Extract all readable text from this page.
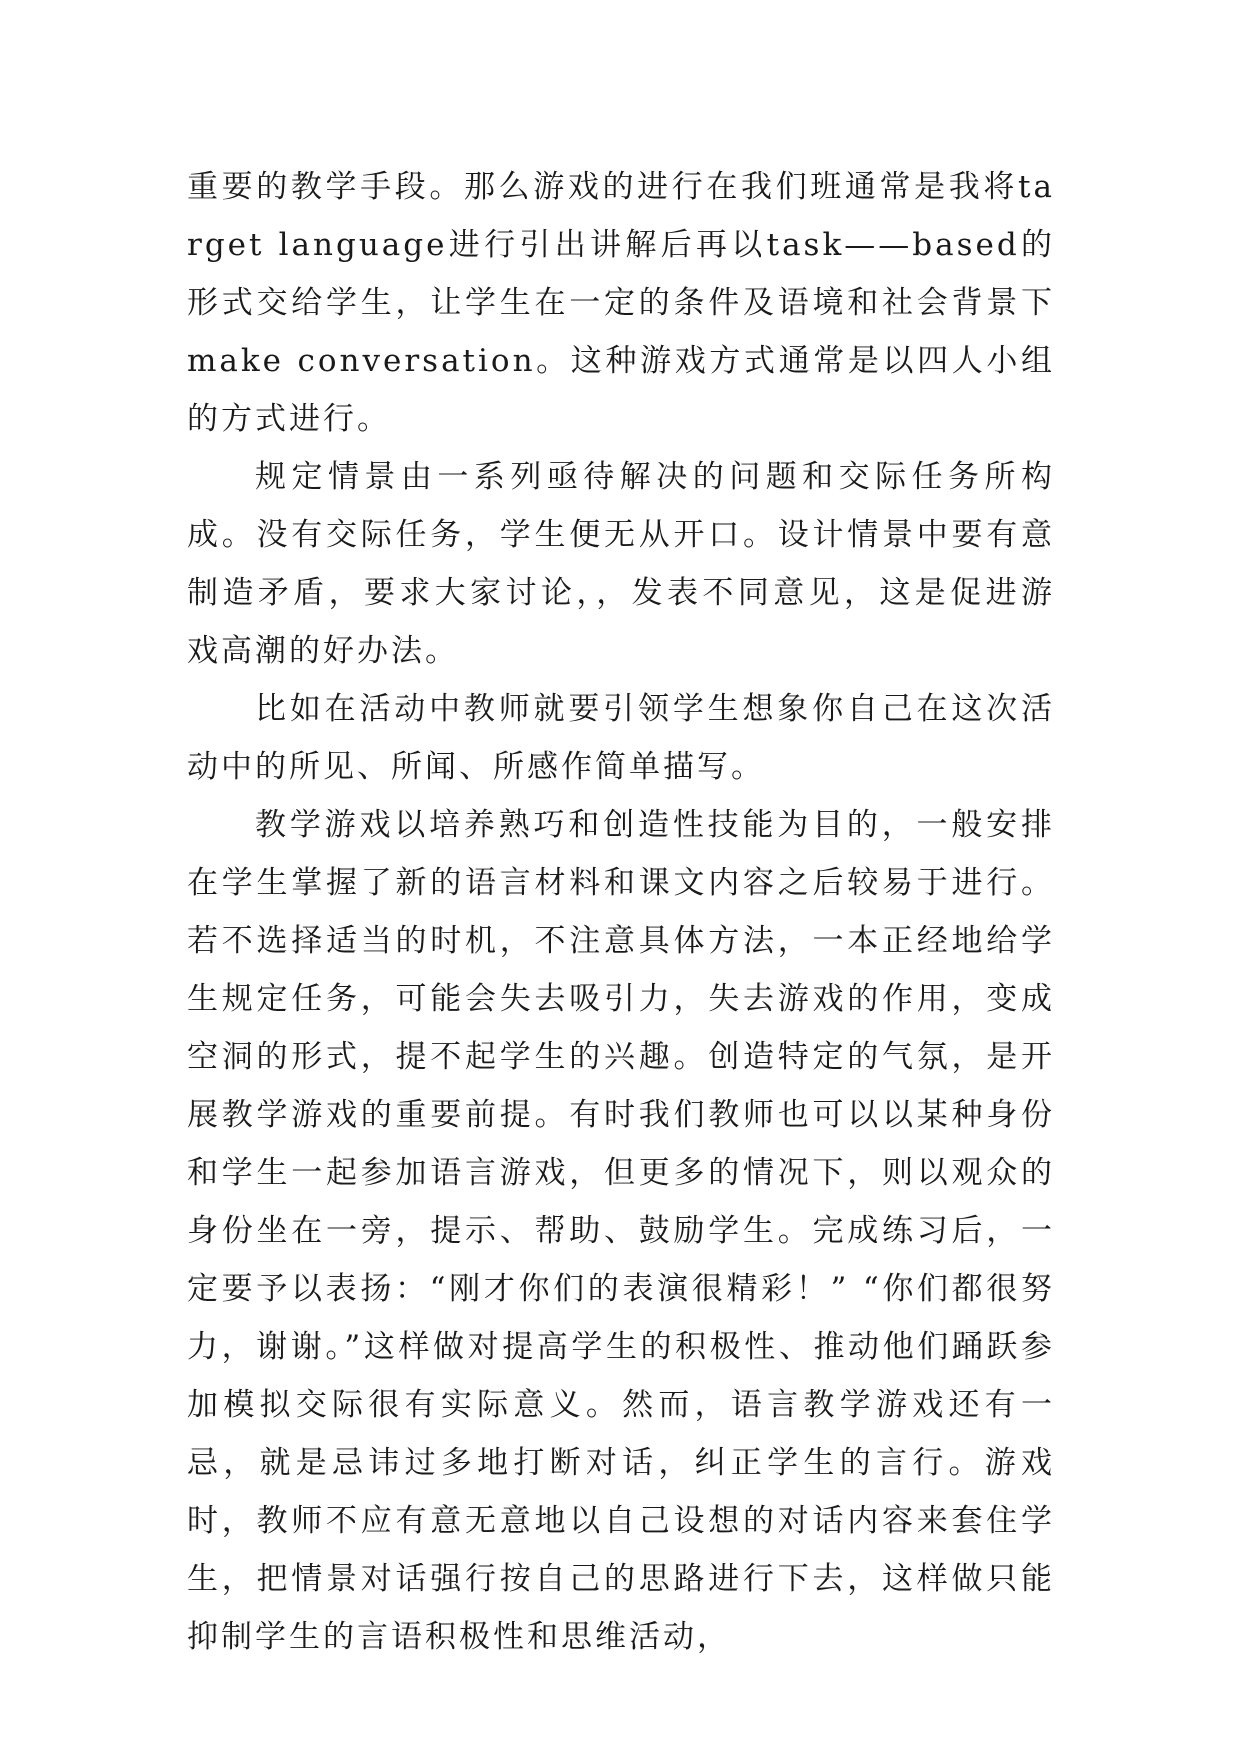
重要的教学手段。那么游戏的进行在我们班通常是我将target language进行引出讲解后再以task——based的形式交给学生，让学生在一定的条件及语境和社会背景下make conversation。这种游戏方式通常是以四人小组的方式进行。

规定情景由一系列亟待解决的问题和交际任务所构成。没有交际任务，学生便无从开口。设计情景中要有意制造矛盾，要求大家讨论，，发表不同意见，这是促进游戏高潮的好办法。

比如在活动中教师就要引领学生想象你自己在这次活动中的所见、所闻、所感作简单描写。

教学游戏以培养熟巧和创造性技能为目的，一般安排在学生掌握了新的语言材料和课文内容之后较易于进行。若不选择适当的时机，不注意具体方法，一本正经地给学生规定任务，可能会失去吸引力，失去游戏的作用，变成空洞的形式，提不起学生的兴趣。创造特定的气氛，是开展教学游戏的重要前提。有时我们教师也可以以某种身份和学生一起参加语言游戏，但更多的情况下，则以观众的身份坐在一旁，提示、帮助、鼓励学生。完成练习后，一定要予以表扬：“刚才你们的表演很精彩！” “你们都很努力，谢谢。”这样做对提高学生的积极性、推动他们踊跃参加模拟交际很有实际意义。然而，语言教学游戏还有一忌，就是忌讳过多地打断对话，纠正学生的言行。游戏时，教师不应有意无意地以自己设想的对话内容来套住学生，把情景对话强行按自己的思路进行下去，这样做只能抑制学生的言语积极性和思维活动，
